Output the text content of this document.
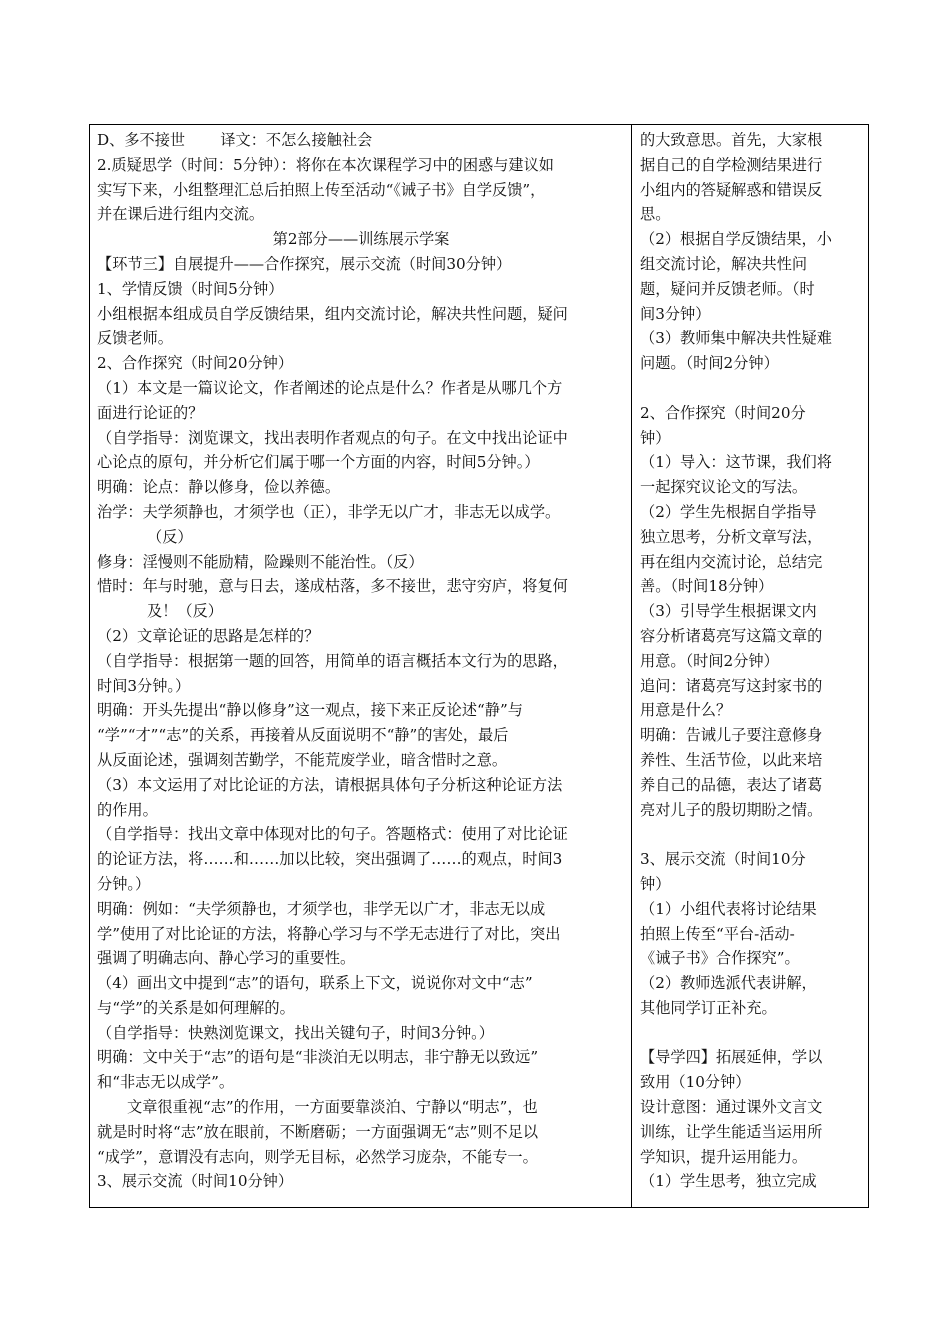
D、多不接世　　 译文：不怎么接触社会
2.质疑思学（时间：5分钟）：将你在本次课程学习中的困惑与建议如
实写下来，小组整理汇总后拍照上传至活动“《诫子书》自学反馈”，
并在课后进行组内交流。
第2部分——训练展示学案
【环节三】自展提升——合作探究，展示交流（时间30分钟）
1、学情反馈（时间5分钟）
小组根据本组成员自学反馈结果，组内交流讨论，解决共性问题，疑问
反馈老师。
2、合作探究（时间20分钟）
（1）本文是一篇议论文，作者阐述的论点是什么？作者是从哪几个方
面进行论证的？
（自学指导：浏览课文，找出表明作者观点的句子。在文中找出论证中
心论点的原句，并分析它们属于哪一个方面的内容，时间5分钟。）
明确：论点：静以修身，俭以养德。
治学：夫学须静也，才须学也（正），非学无以广才，非志无以成学。
（反）
修身：淫慢则不能励精，险躁则不能治性。（反）
惜时：年与时驰，意与日去，遂成枯落，多不接世，悲守穷庐，将复何
及！（反）
（2）文章论证的思路是怎样的？
（自学指导：根据第一题的回答，用简单的语言概括本文行为的思路，
时间3分钟。）
明确：开头先提出“静以修身”这一观点，接下来正反论述“静”与
“学”“才”“志”的关系，再接着从反面说明不“静”的害处，最后
从反面论述，强调刻苦勤学，不能荒废学业，暗含惜时之意。
（3）本文运用了对比论证的方法，请根据具体句子分析这种论证方法
的作用。
（自学指导：找出文章中体现对比的句子。答题格式：使用了对比论证
的论证方法，将……和……加以比较，突出强调了……的观点，时间3
分钟。）
明确：例如：“夫学须静也，才须学也，非学无以广才，非志无以成
学”使用了对比论证的方法，将静心学习与不学无志进行了对比，突出
强调了明确志向、静心学习的重要性。
（4）画出文中提到“志”的语句，联系上下文，说说你对文中“志”
与“学”的关系是如何理解的。
（自学指导：快熟浏览课文，找出关键句子，时间3分钟。）
明确：文中关于“志”的语句是“非淡泊无以明志，非宁静无以致远”
和“非志无以成学”。
文章很重视“志”的作用，一方面要靠淡泊、宁静以“明志”，也
就是时时将“志”放在眼前，不断磨砺；一方面强调无“志”则不足以
“成学”，意谓没有志向，则学无目标，必然学习庞杂，不能专一。
3、展示交流（时间10分钟）

的大致意思。首先，大家根
据自己的自学检测结果进行
小组内的答疑解惑和错误反
思。
（2）根据自学反馈结果，小
组交流讨论，解决共性问
题，疑问并反馈老师。（时
间3分钟）
（3）教师集中解决共性疑难
问题。（时间2分钟）
2、合作探究（时间20分
钟）
（1）导入：这节课，我们将
一起探究议论文的写法。
（2）学生先根据自学指导
独立思考，分析文章写法，
再在组内交流讨论，总结完
善。（时间18分钟）
（3）引导学生根据课文内
容分析诸葛亮写这篇文章的
用意。（时间2分钟）
追问：诸葛亮写这封家书的
用意是什么？
明确：告诫儿子要注意修身
养性、生活节俭，以此来培
养自己的品德，表达了诸葛
亮对儿子的殷切期盼之情。
3、展示交流（时间10分
钟）
（1）小组代表将讨论结果
拍照上传至“平台-活动-
《诫子书》合作探究”。
（2）教师选派代表讲解，
其他同学订正补充。
【导学四】拓展延伸，学以
致用（10分钟）
设计意图：通过课外文言文
训练，让学生能适当运用所
学知识，提升运用能力。
（1）学生思考，独立完成
